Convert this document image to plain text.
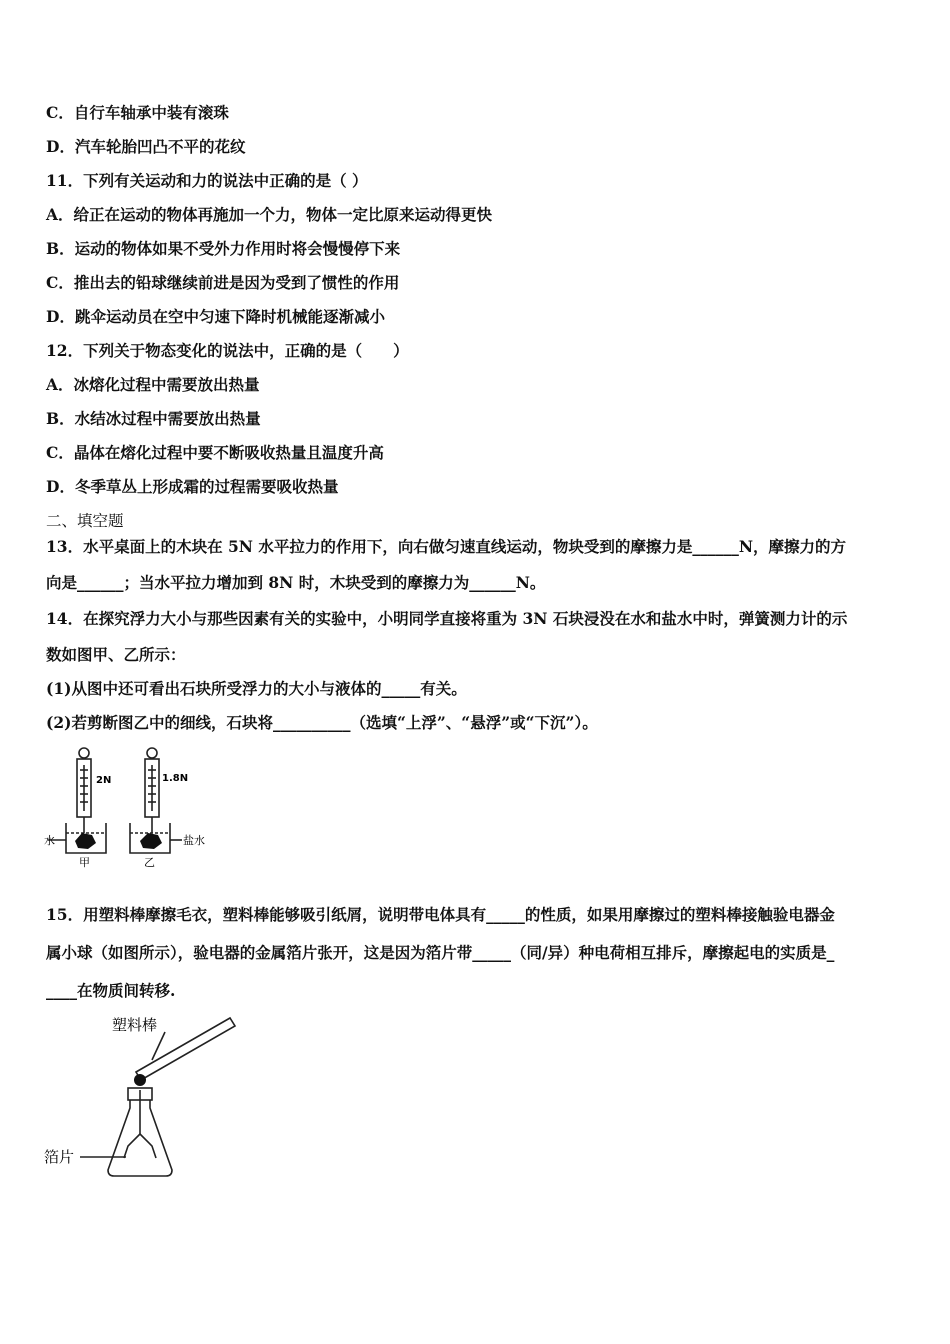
C．自行车轴承中装有滚珠
D．汽车轮胎凹凸不平的花纹
11．下列有关运动和力的说法中正确的是（ ）
A．给正在运动的物体再施加一个力，物体一定比原来运动得更快
B．运动的物体如果不受外力作用时将会慢慢停下来
C．推出去的铅球继续前进是因为受到了惯性的作用
D．跳伞运动员在空中匀速下降时机械能逐渐减小
12．下列关于物态变化的说法中，正确的是（　　）
A．冰熔化过程中需要放出热量
B．水结冰过程中需要放出热量
C．晶体在熔化过程中要不断吸收热量且温度升高
D．冬季草丛上形成霜的过程需要吸收热量
二、填空题
13．水平桌面上的木块在 5N 水平拉力的作用下，向右做匀速直线运动，物块受到的摩擦力是______N，摩擦力的方
向是______；当水平拉力增加到 8N 时，木块受到的摩擦力为______N。
14．在探究浮力大小与那些因素有关的实验中，小明同学直接将重为 3N 石块浸没在水和盐水中时，弹簧测力计的示
数如图甲、乙所示：
(1)从图中还可看出石块所受浮力的大小与液体的_____有关。
(2)若剪断图乙中的细线，石块将__________（选填“上浮”、“悬浮”或“下沉”）。
2N	1.8N
水	盐水
甲	乙
15．用塑料棒摩擦毛衣，塑料棒能够吸引纸屑，说明带电体具有_____的性质，如果用摩擦过的塑料棒接触验电器金
属小球（如图所示），验电器的金属箔片张开，这是因为箔片带_____（同/异）种电荷相互排斥，摩擦起电的实质是_
____在物质间转移.
塑料棒
箔片
